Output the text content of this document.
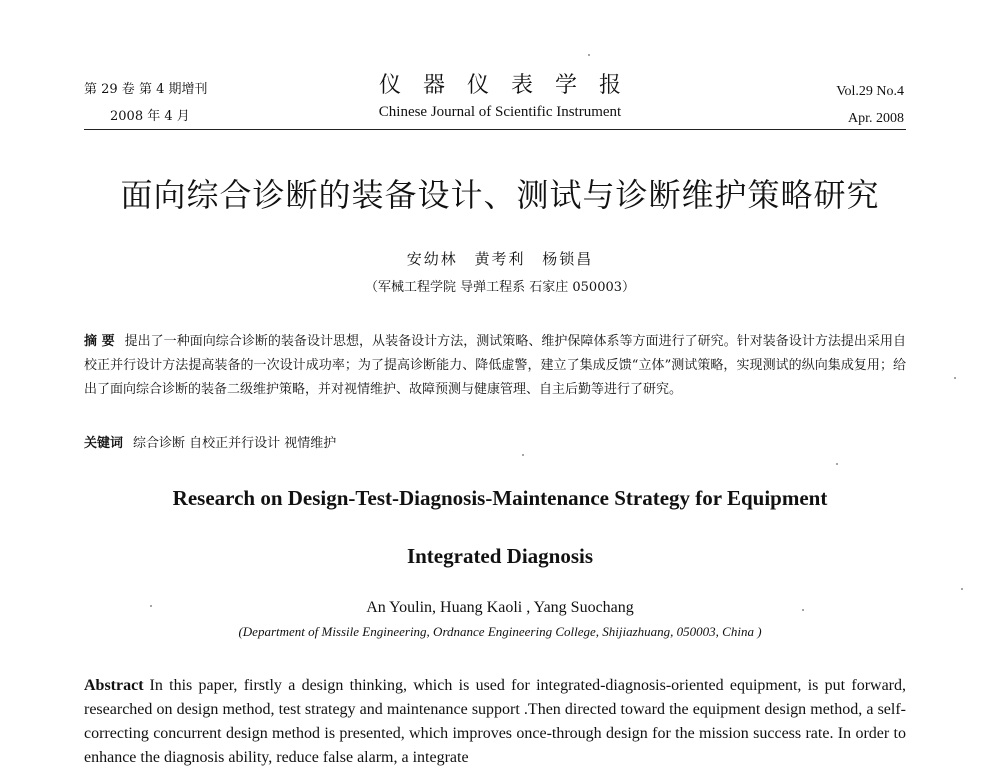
第 29 卷 第 4 期增刊
2008 年 4 月
仪器仪表学报
Chinese Journal of Scientific Instrument
Vol.29 No.4
Apr. 2008
面向综合诊断的装备设计、测试与诊断维护策略研究
安幼林 黄考利 杨锁昌
（军械工程学院 导弹工程系 石家庄 050003）
摘 要 提出了一种面向综合诊断的装备设计思想，从装备设计方法，测试策略、维护保障体系等方面进行了研究。针对装备设计方法提出采用自校正并行设计方法提高装备的一次设计成功率；为了提高诊断能力、降低虚警，建立了集成反馈“立体”测试策略，实现测试的纵向集成复用；给出了面向综合诊断的装备二级维护策略，并对视情维护、故障预测与健康管理、自主后勤等进行了研究。
关键词 综合诊断 自校正并行设计 视情维护
Research on Design-Test-Diagnosis-Maintenance Strategy for Equipment
Integrated Diagnosis
An Youlin, Huang Kaoli , Yang Suochang
(Department of Missile Engineering, Ordnance Engineering College, Shijiazhuang, 050003, China )
Abstract In this paper, firstly a design thinking, which is used for integrated-diagnosis-oriented equipment, is put forward, researched on design method, test strategy and maintenance support .Then directed toward the equipment design method, a self-correcting concurrent design method is presented, which improves once-through design for the mission success rate. In order to enhance the diagnosis ability, reduce false alarm, a integrate
